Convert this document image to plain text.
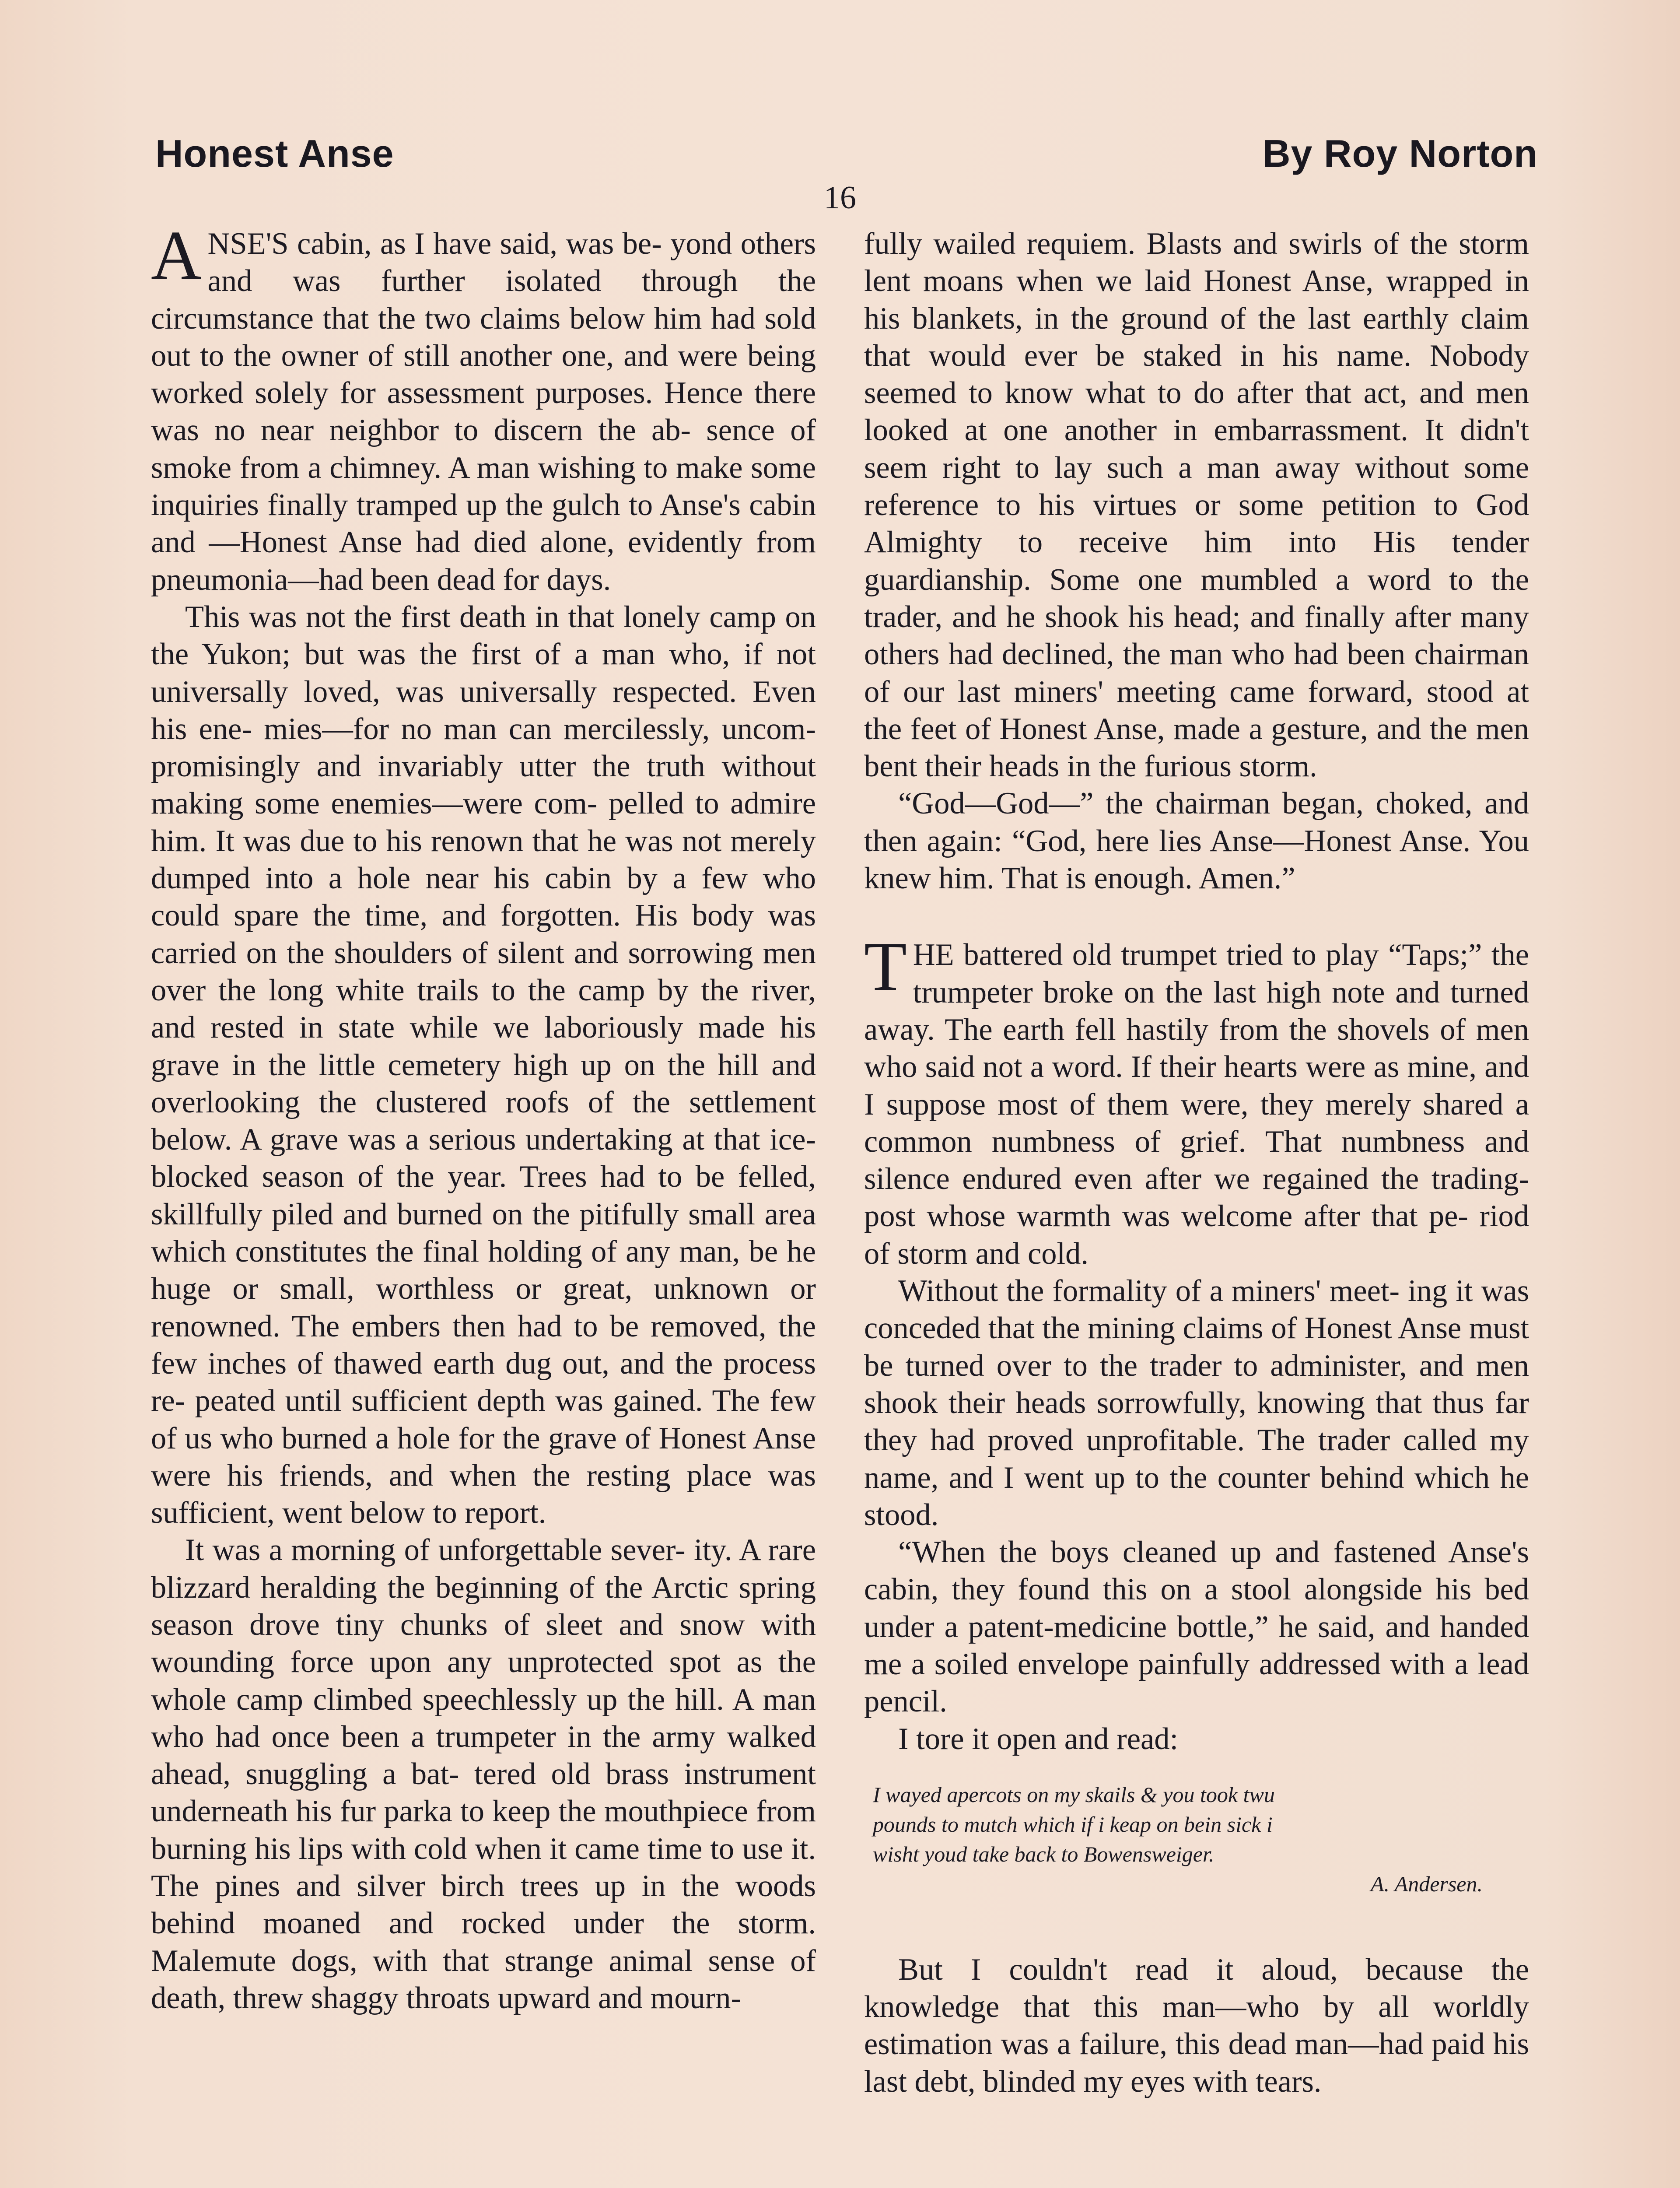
Honest Anse	By Roy Norton
16

ANSE'S cabin, as I have said, was be- yond others and was further isolated through the circumstance that the two claims below him had sold out to the owner of still another one, and were being worked solely for assessment purposes. Hence there was no near neighbor to discern the ab- sence of smoke from a chimney. A man wishing to make some inquiries finally tramped up the gulch to Anse's cabin and —Honest Anse had died alone, evidently from pneumonia—had been dead for days.

This was not the first death in that lonely camp on the Yukon; but was the first of a man who, if not universally loved, was universally respected. Even his ene- mies—for no man can mercilessly, uncom- promisingly and invariably utter the truth without making some enemies—were com- pelled to admire him. It was due to his renown that he was not merely dumped into a hole near his cabin by a few who could spare the time, and forgotten. His body was carried on the shoulders of silent and sorrowing men over the long white trails to the camp by the river, and rested in state while we laboriously made his grave in the little cemetery high up on the hill and overlooking the clustered roofs of the settlement below. A grave was a serious undertaking at that ice-blocked season of the year. Trees had to be felled, skillfully piled and burned on the pitifully small area which constitutes the final holding of any man, be he huge or small, worthless or great, unknown or renowned. The embers then had to be removed, the few inches of thawed earth dug out, and the process re- peated until sufficient depth was gained. The few of us who burned a hole for the grave of Honest Anse were his friends, and when the resting place was sufficient, went below to report.

It was a morning of unforgettable sever- ity. A rare blizzard heralding the beginning of the Arctic spring season drove tiny chunks of sleet and snow with wounding force upon any unprotected spot as the whole camp climbed speechlessly up the hill. A man who had once been a trumpeter in the army walked ahead, snuggling a bat- tered old brass instrument underneath his fur parka to keep the mouthpiece from burning his lips with cold when it came time to use it. The pines and silver birch trees up in the woods behind moaned and rocked under the storm. Malemute dogs, with that strange animal sense of death, threw shaggy throats upward and mourn-

fully wailed requiem. Blasts and swirls of the storm lent moans when we laid Honest Anse, wrapped in his blankets, in the ground of the last earthly claim that would ever be staked in his name. Nobody seemed to know what to do after that act, and men looked at one another in embarrassment. It didn't seem right to lay such a man away without some reference to his virtues or some petition to God Almighty to receive him into His tender guardianship. Some one mumbled a word to the trader, and he shook his head; and finally after many others had declined, the man who had been chairman of our last miners' meeting came forward, stood at the feet of Honest Anse, made a gesture, and the men bent their heads in the furious storm.

“God—God—” the chairman began, choked, and then again: “God, here lies Anse—Honest Anse. You knew him. That is enough. Amen.”

THE battered old trumpet tried to play “Taps;” the trumpeter broke on the last high note and turned away. The earth fell hastily from the shovels of men who said not a word. If their hearts were as mine, and I suppose most of them were, they merely shared a common numbness of grief. That numbness and silence endured even after we regained the trading-post whose warmth was welcome after that pe- riod of storm and cold.

Without the formality of a miners' meet- ing it was conceded that the mining claims of Honest Anse must be turned over to the trader to administer, and men shook their heads sorrowfully, knowing that thus far they had proved unprofitable. The trader called my name, and I went up to the counter behind which he stood.

“When the boys cleaned up and fastened Anse's cabin, they found this on a stool alongside his bed under a patent-medicine bottle,” he said, and handed me a soiled envelope painfully addressed with a lead pencil.

I tore it open and read:

I wayed apercots on my skails & you took twu
pounds to mutch which if i keap on bein sick i
wisht youd take back to Bowensweiger.
A. Andersen.

But I couldn't read it aloud, because the knowledge that this man—who by all worldly estimation was a failure, this dead man—had paid his last debt, blinded my eyes with tears.
